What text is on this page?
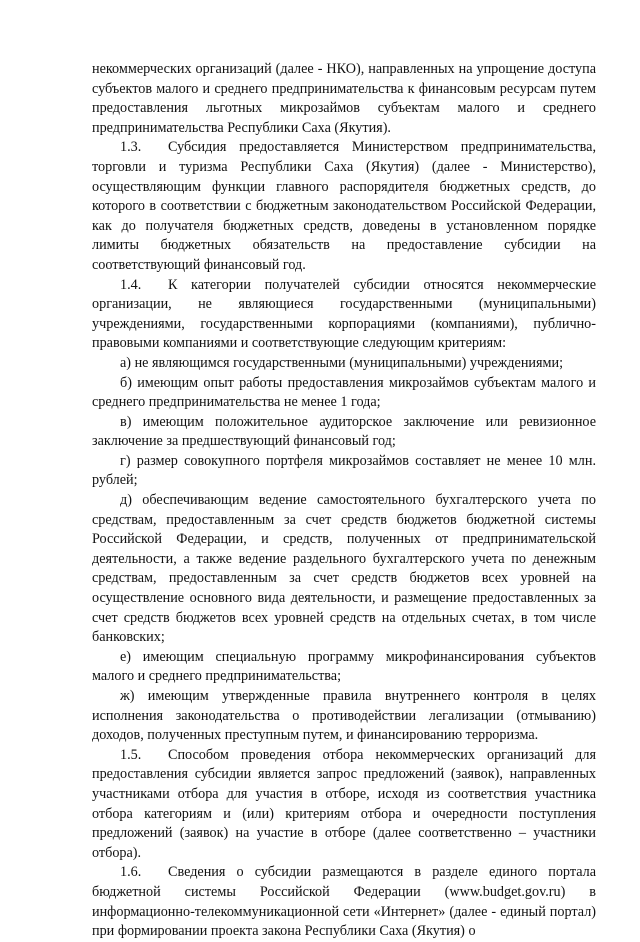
некоммерческих организаций (далее - НКО), направленных на упрощение доступа субъектов малого и среднего предпринимательства к финансовым ресурсам путем предоставления льготных микрозаймов субъектам малого и среднего предпринимательства Республики Саха (Якутия).

1.3. Субсидия предоставляется Министерством предпринимательства, торговли и туризма Республики Саха (Якутия) (далее - Министерство), осуществляющим функции главного распорядителя бюджетных средств, до которого в соответствии с бюджетным законодательством Российской Федерации, как до получателя бюджетных средств, доведены в установленном порядке лимиты бюджетных обязательств на предоставление субсидии на соответствующий финансовый год.

1.4. К категории получателей субсидии относятся некоммерческие организации, не являющиеся государственными (муниципальными) учреждениями, государственными корпорациями (компаниями), публично-правовыми компаниями и соответствующие следующим критериям:

а) не являющимся государственными (муниципальными) учреждениями;

б) имеющим опыт работы предоставления микрозаймов субъектам малого и среднего предпринимательства не менее 1 года;

в) имеющим положительное аудиторское заключение или ревизионное заключение за предшествующий финансовый год;

г) размер совокупного портфеля микрозаймов составляет не менее 10 млн. рублей;

д) обеспечивающим ведение самостоятельного бухгалтерского учета по средствам, предоставленным за счет средств бюджетов бюджетной системы Российской Федерации, и средств, полученных от предпринимательской деятельности, а также ведение раздельного бухгалтерского учета по денежным средствам, предоставленным за счет средств бюджетов всех уровней на осуществление основного вида деятельности, и размещение предоставленных за счет средств бюджетов всех уровней средств на отдельных счетах, в том числе банковских;

е) имеющим специальную программу микрофинансирования субъектов малого и среднего предпринимательства;

ж) имеющим утвержденные правила внутреннего контроля в целях исполнения законодательства о противодействии легализации (отмыванию) доходов, полученных преступным путем, и финансированию терроризма.

1.5. Способом проведения отбора некоммерческих организаций для предоставления субсидии является запрос предложений (заявок), направленных участниками отбора для участия в отборе, исходя из соответствия участника отбора категориям и (или) критериям отбора и очередности поступления предложений (заявок) на участие в отборе (далее соответственно – участники отбора).

1.6. Сведения о субсидии размещаются в разделе единого портала бюджетной системы Российской Федерации (www.budget.gov.ru) в информационно-телекоммуникационной сети «Интернет» (далее - единый портал) при формировании проекта закона Республики Саха (Якутия) о
